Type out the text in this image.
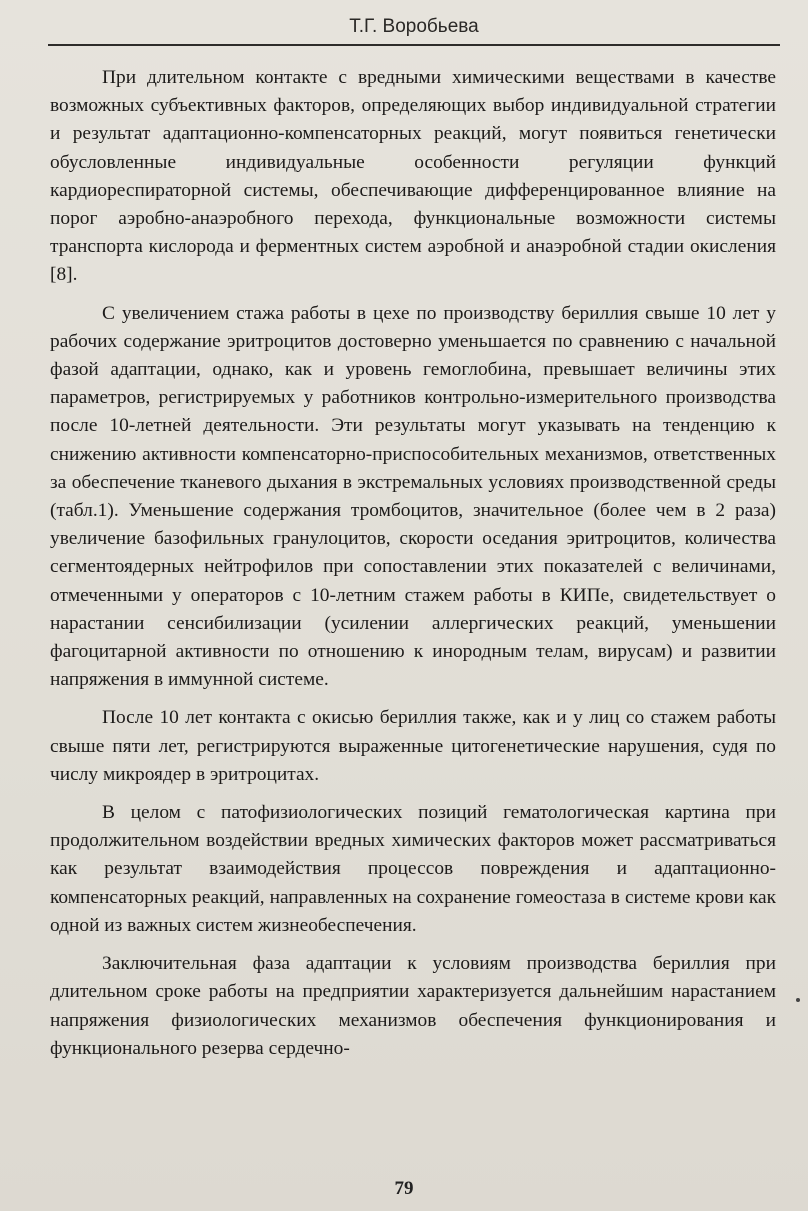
Т.Г. Воробьева

При длительном контакте с вредными химическими веществами в качестве возможных субъективных факторов, определяющих выбор индивидуальной стратегии и результат адаптационно-компенсаторных реакций, могут появиться генетически обусловленные индивидуальные особенности регуляции функций кардиореспираторной системы, обеспечивающие дифференцированное влияние на порог аэробно-анаэробного перехода, функциональные возможности системы транспорта кислорода и ферментных систем аэробной и анаэробной стадии окисления [8].

С увеличением стажа работы в цехе по производству бериллия свыше 10 лет у рабочих содержание эритроцитов достоверно уменьшается по сравнению с начальной фазой адаптации, однако, как и уровень гемоглобина, превышает величины этих параметров, регистрируемых у работников контрольно-измерительного производства после 10-летней деятельности. Эти результаты могут указывать на тенденцию к снижению активности компенсаторно-приспособительных механизмов, ответственных за обеспечение тканевого дыхания в экстремальных условиях производственной среды (табл.1). Уменьшение содержания тромбоцитов, значительное (более чем в 2 раза) увеличение базофильных гранулоцитов, скорости оседания эритроцитов, количества сегментоядерных нейтрофилов при сопоставлении этих показателей с величинами, отмеченными у операторов с 10-летним стажем работы в КИПе, свидетельствует о нарастании сенсибилизации (усилении аллергических реакций, уменьшении фагоцитарной активности по отношению к инородным телам, вирусам) и развитии напряжения в иммунной системе.

После 10 лет контакта с окисью бериллия также, как и у лиц со стажем работы свыше пяти лет, регистрируются выраженные цитогенетические нарушения, судя по числу микроядер в эритроцитах.

В целом с патофизиологических позиций гематологическая картина при продолжительном воздействии вредных химических факторов может рассматриваться как результат взаимодействия процессов повреждения и адаптационно-компенсаторных реакций, направленных на сохранение гомеостаза в системе крови как одной из важных систем жизнеобеспечения.

Заключительная фаза адаптации к условиям производства бериллия при длительном сроке работы на предприятии характеризуется дальнейшим нарастанием напряжения физиологических механизмов обеспечения функционирования и функционального резерва сердечно-

79
